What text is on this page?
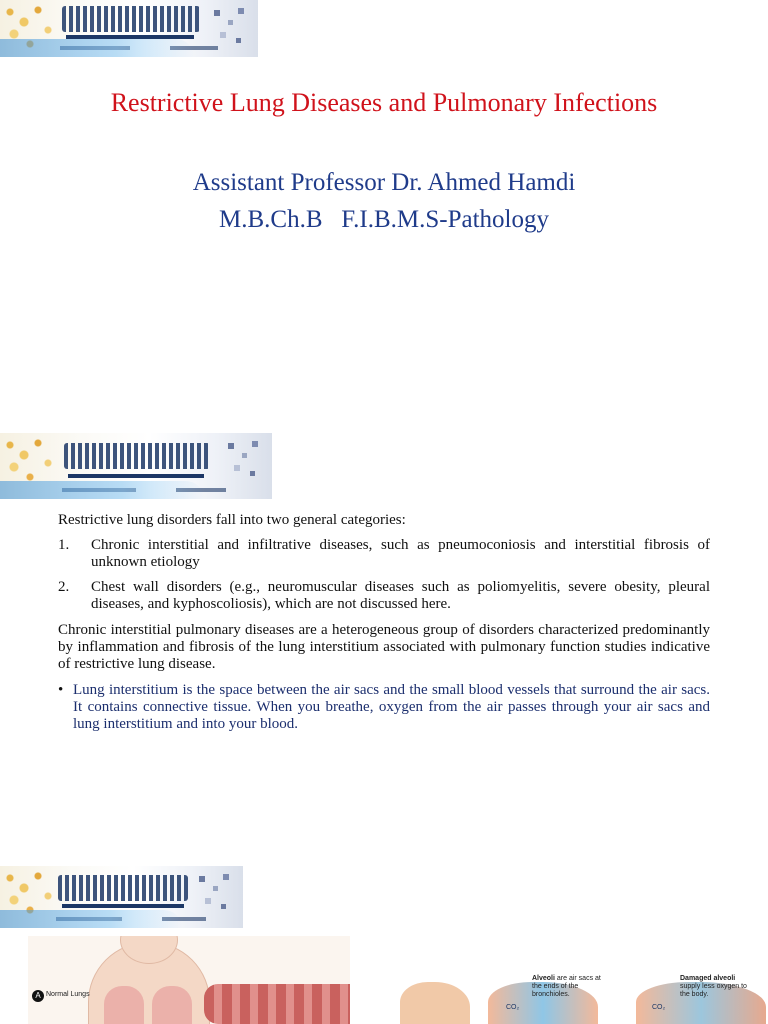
Restrictive Lung Diseases and Pulmonary Infections
Assistant Professor Dr. Ahmed Hamdi
M.B.Ch.B   F.I.B.M.S-Pathology
Restrictive lung disorders fall into two general categories:
1.	Chronic interstitial and infiltrative diseases, such as pneumoconiosis and interstitial fibrosis of unknown etiology
2.	Chest wall disorders (e.g., neuromuscular diseases such as poliomyelitis, severe obesity, pleural diseases, and kyphoscoliosis), which are not discussed here.
Chronic interstitial pulmonary diseases are a heterogeneous group of disorders characterized predominantly by inflammation and fibrosis of the lung interstitium associated with pulmonary function studies indicative of restrictive lung disease.
• Lung interstitium is the space between the air sacs and the small blood vessels that surround the air sacs. It contains connective tissue. When you breathe, oxygen from the air passes through your air sacs and lung interstitium and into your blood.
A Normal Lungs
Alveoli are air sacs at the ends of the bronchioles.
Damaged alveoli supply less oxygen to the body.
CO₂	CO₂
